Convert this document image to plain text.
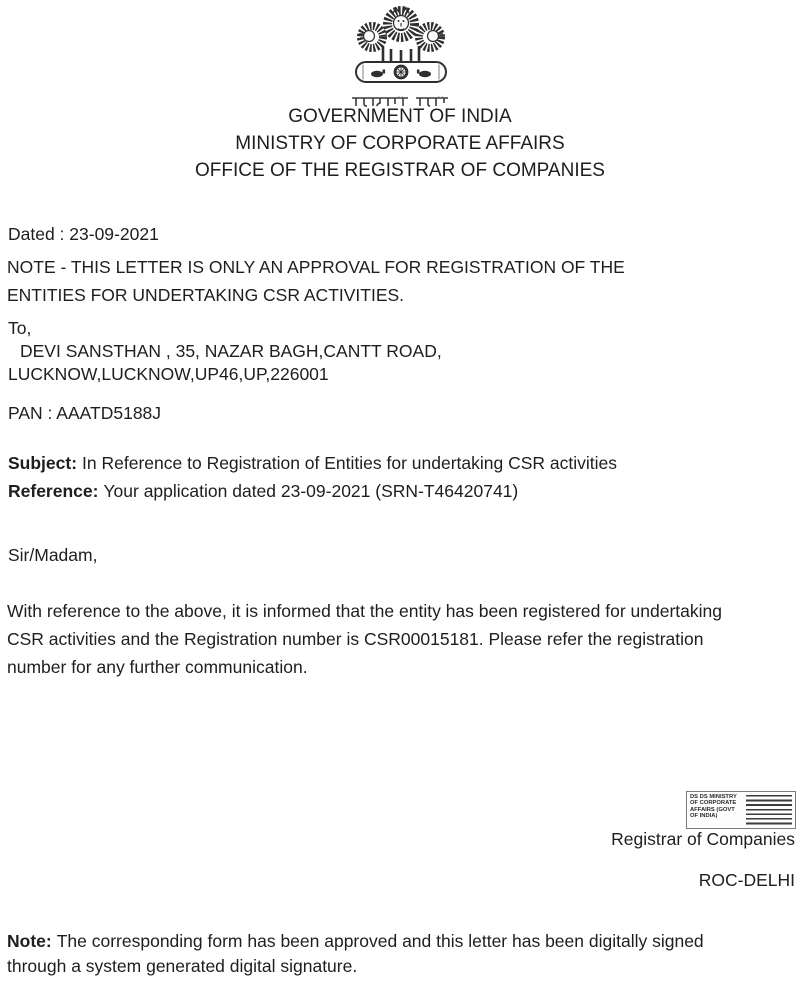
GOVERNMENT OF INDIA
MINISTRY OF CORPORATE AFFAIRS
OFFICE OF THE REGISTRAR OF COMPANIES
Dated : 23-09-2021
NOTE - THIS LETTER IS ONLY AN APPROVAL FOR REGISTRATION OF THE
ENTITIES FOR UNDERTAKING CSR ACTIVITIES.
To,
DEVI SANSTHAN , 35, NAZAR BAGH,CANTT ROAD,
LUCKNOW,LUCKNOW,UP46,UP,226001
PAN : AAATD5188J
Subject: In Reference to Registration of Entities for undertaking CSR activities
Reference: Your application dated 23-09-2021 (SRN-T46420741)
Sir/Madam,
With reference to the above, it is informed that the entity has been registered for undertaking
CSR activities and the Registration number is CSR00015181. Please refer the registration
number for any further communication.
DS DS MINISTRY OF CORPORATE AFFAIRS (GOVT OF INDIA)
Registrar of Companies
ROC-DELHI
Note: The corresponding form has been approved and this letter has been digitally signed
through a system generated digital signature.
